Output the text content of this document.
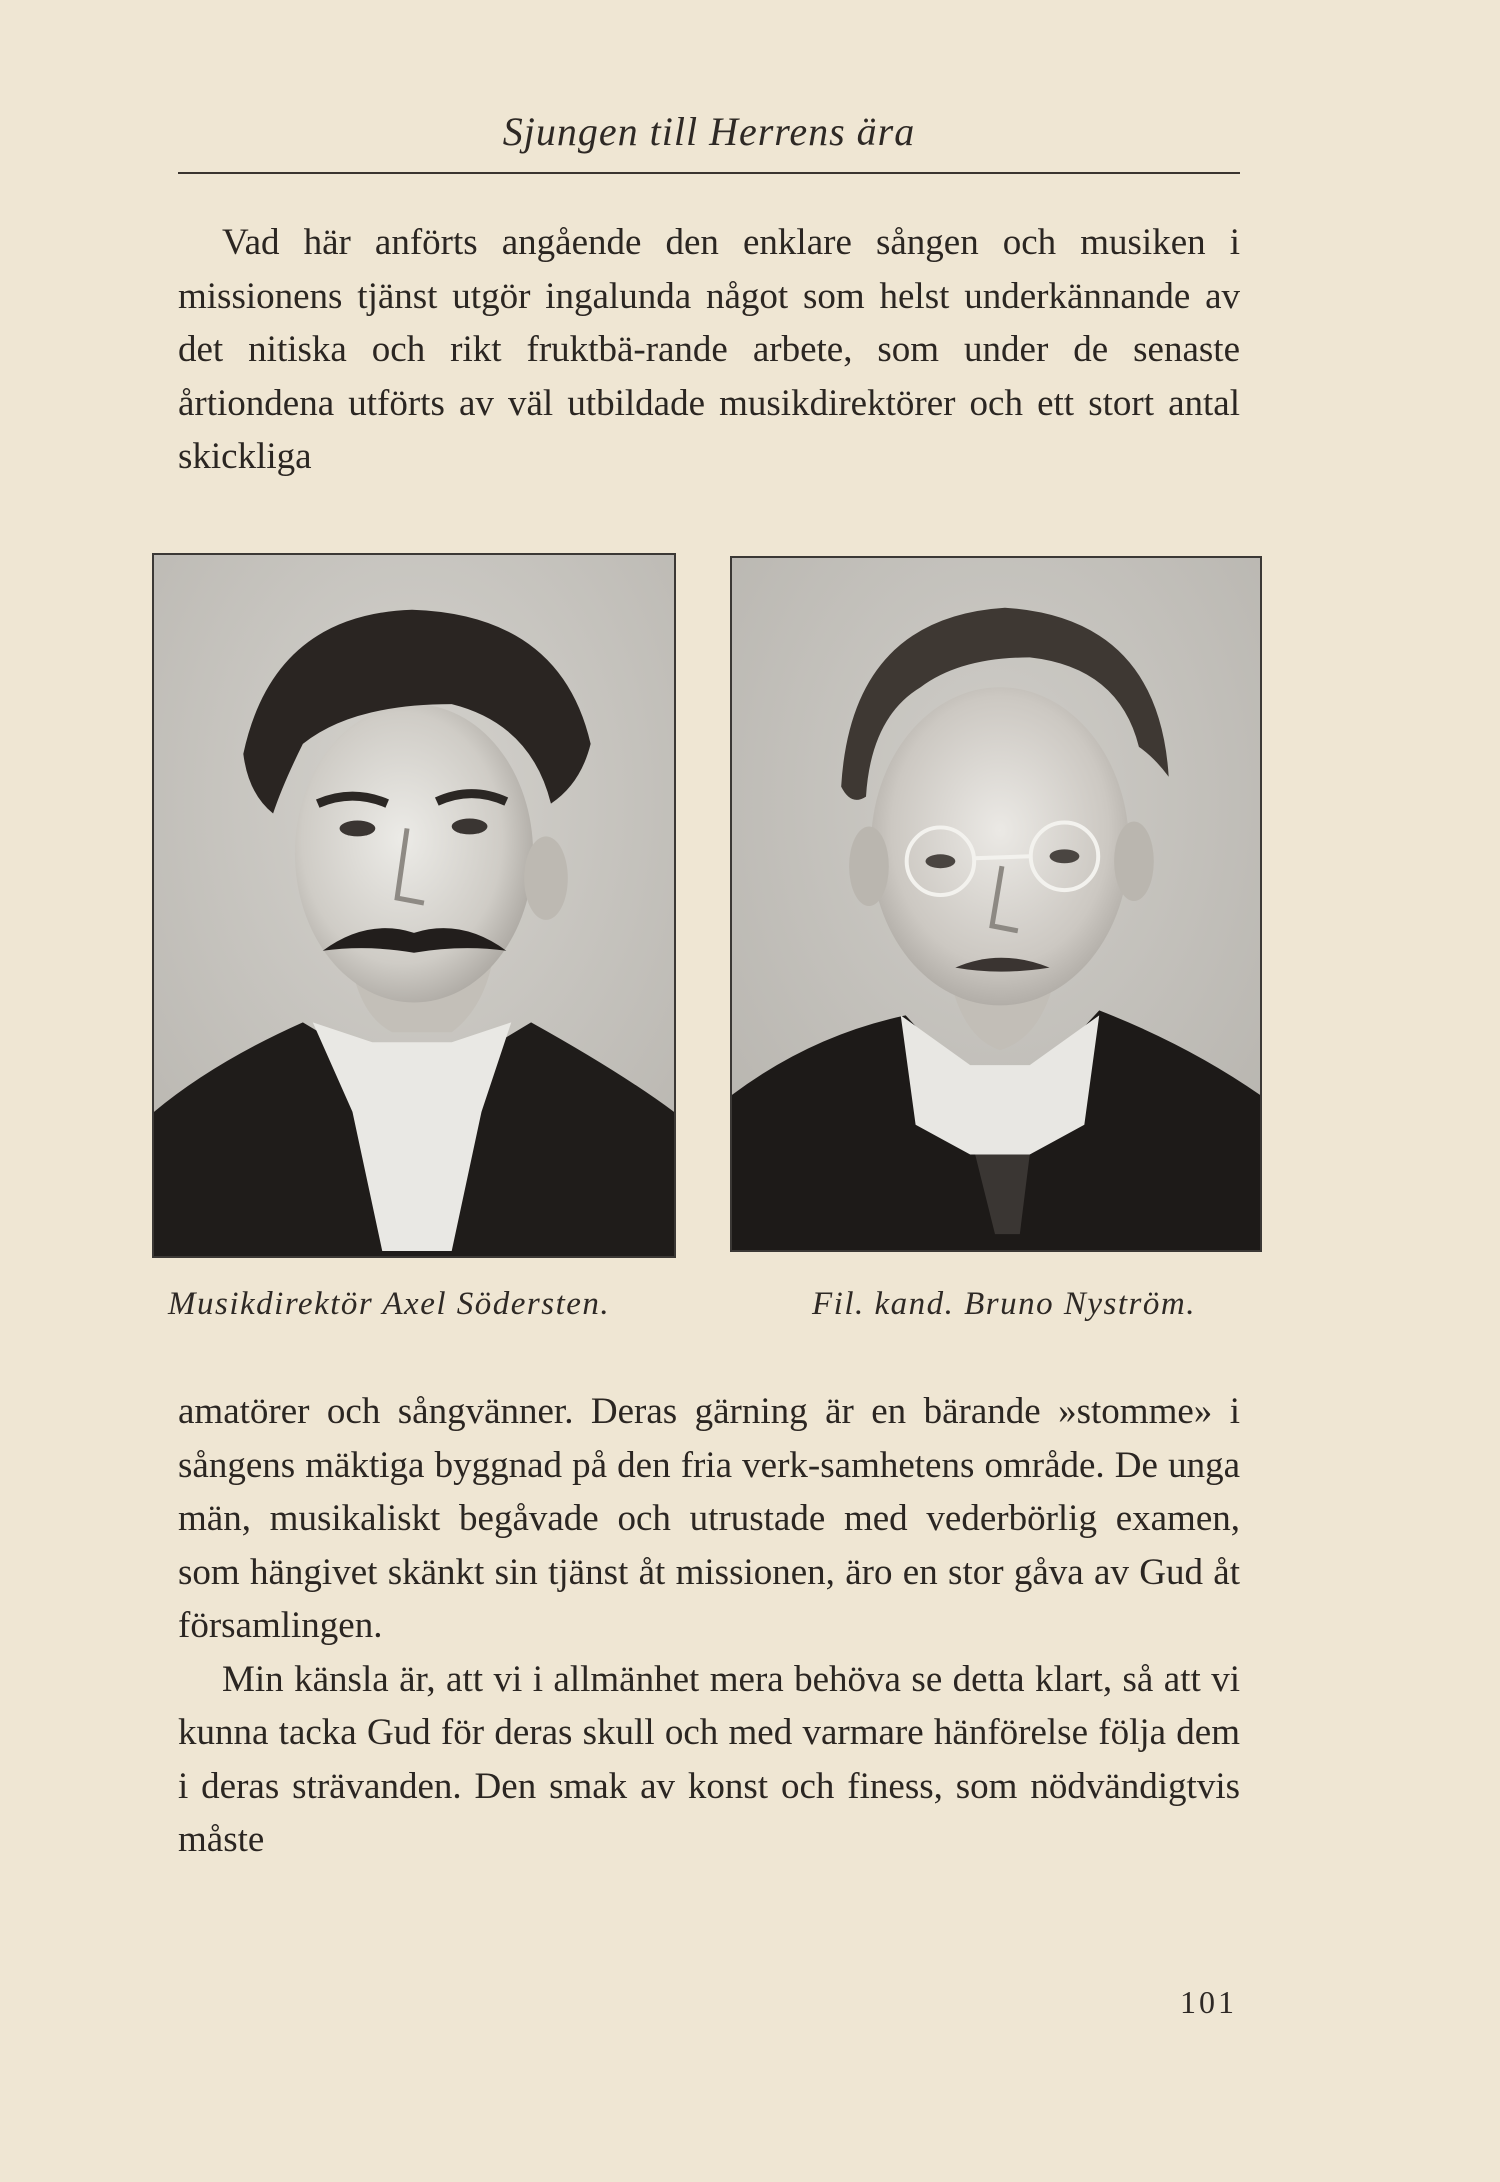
Sjungen till Herrens ära

Vad här anförts angående den enklare sången och musiken i missionens tjänst utgör ingalunda något som helst underkännande av det nitiska och rikt fruktbä-rande arbete, som under de senaste årtiondena utförts av väl utbildade musikdirektörer och ett stort antal skickliga

Musikdirektör Axel Södersten.	Fil. kand. Bruno Nyström.

amatörer och sångvänner. Deras gärning är en bärande »stomme» i sångens mäktiga byggnad på den fria verk-samhetens område. De unga män, musikaliskt begåvade och utrustade med vederbörlig examen, som hängivet skänkt sin tjänst åt missionen, äro en stor gåva av Gud åt församlingen.

Min känsla är, att vi i allmänhet mera behöva se detta klart, så att vi kunna tacka Gud för deras skull och med varmare hänförelse följa dem i deras strävanden. Den smak av konst och finess, som nödvändigtvis måste

101
